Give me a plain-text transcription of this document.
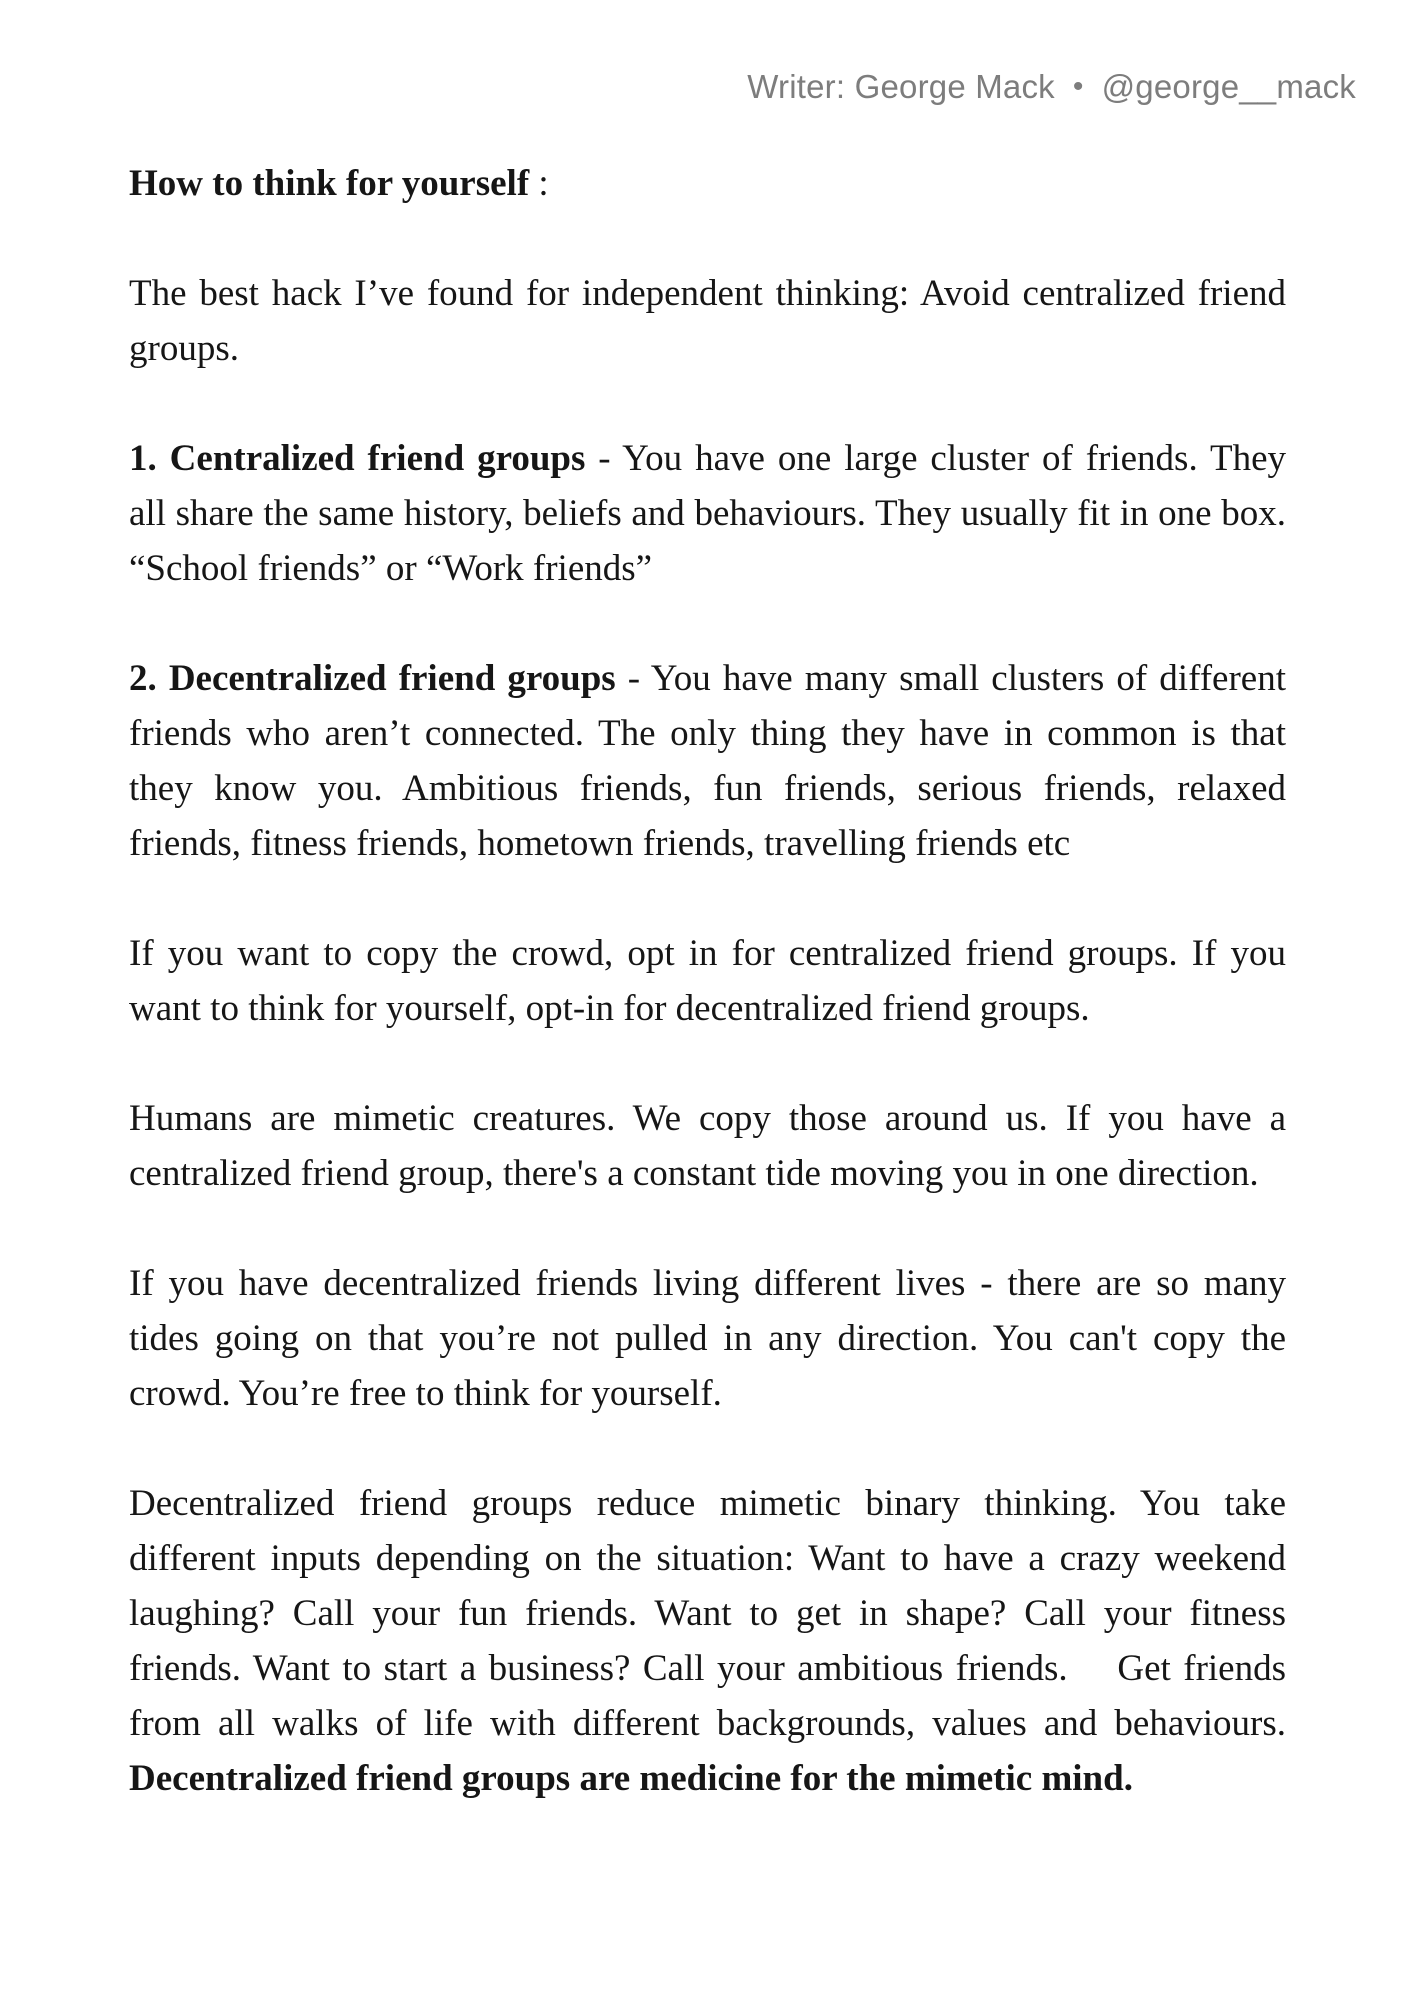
Writer: George Mack • @george__mack

How to think for yourself :

The best hack I’ve found for independent thinking: Avoid centralized friend groups.

1. Centralized friend groups - You have one large cluster of friends. They all share the same history, beliefs and behaviours. They usually fit in one box. “School friends” or “Work friends”

2. Decentralized friend groups - You have many small clusters of different friends who aren’t connected. The only thing they have in common is that they know you. Ambitious friends, fun friends, serious friends, relaxed friends, fitness friends, hometown friends, travelling friends etc

If you want to copy the crowd, opt in for centralized friend groups. If you want to think for yourself, opt-in for decentralized friend groups.

Humans are mimetic creatures. We copy those around us. If you have a centralized friend group, there's a constant tide moving you in one direction.

If you have decentralized friends living different lives - there are so many tides going on that you’re not pulled in any direction. You can't copy the crowd. You’re free to think for yourself.

Decentralized friend groups reduce mimetic binary thinking. You take different inputs depending on the situation: Want to have a crazy weekend laughing? Call your fun friends. Want to get in shape? Call your fitness friends. Want to start a business? Call your ambitious friends.    Get friends from all walks of life with different backgrounds, values and behaviours.  Decentralized friend groups are medicine for the mimetic mind.
